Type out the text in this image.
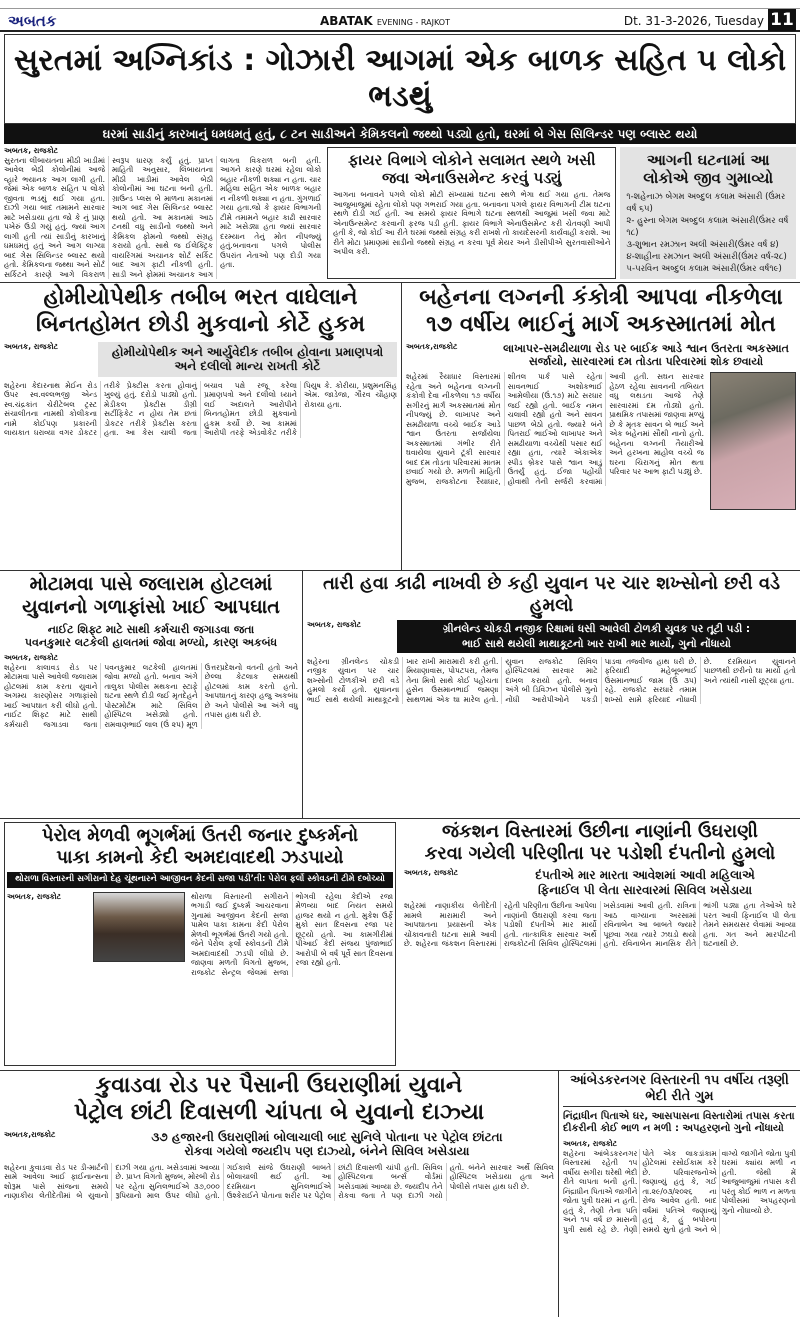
અબતક	ABATAK EVENING - RAJKOT	Dt. 31-3-2026, Tuesday 11
સુરતમાં અગ્નિકાંડ : ગોઝારી આગમાં એક બાળક સહિત ૫ લોકો ભડથું
ઘરમાં સાડીનું કારખાનું ધમધમતું હતું, ૮ ટન સાડીઅને કેમિકલનો જથ્થો પડ્યો હતો, ઘરમાં બે ગેસ સિલિન્ડર પણ બ્લાસ્ટ થયો
અબતક, રાજકોટ
સુરતના લીંબાયતના મીઠી ખાડીમાં આવેલ બેઠી કોલોનીમાં આજે વ્હારે ભયાનક આગ લાગી હતી. જેમાં એક બાળક સહિત ૫ લોકો જીવતા ભડથું થઈ ગયા હતા. દાઝી ગયા બાદ તમામને સારવાર માટે ખસેડાયા હતા જો કે નું પ્રાણ પખેરું ઉડી ગયું હતું. જ્યાં આગ લાગી હતી ત્યાં સાડીનું કારખાનું ધમધમતું હતું અને આગ લાગ્યા બાદ ગેસ સિલિન્ડર બ્લાસ્ટ થયો હતો. કેમિકલના જથ્થા અને સોર્ટ સર્કિટને કારણે આગે વિકરાળ સ્વરૂપ ધારણ કર્યું હતું. પ્રાપ્ત માહિતી અનુસાર, લિંબાયતના મીઠી ખાડીમાં આવેલ બેઠી કોલોનીમાં આ ઘટના બની હતી. ગ્રાઉન્ડ પ્લસ બે માળના મકાનમાં આગ બાદ ગેસ સિલિન્ડર બ્લાસ્ટ થયો હતો. આ મકાનમાં આઠ ટનથી વધુ સાડીનો જથ્થો અને કેમિકલ ફોમનો જથ્થો સંગ્રહ કરાયો હતો. સાથે જ ઈલેક્ટ્રિક વાયરિંગમાં અચાનક શોર્ટ સર્કિટ બાદ આગ ફાટી નીકળી હતી. સાડી અને ફોમમાં અચાનક આગ લાગતા વિકરાળ બની હતી. આગને કારણે ઘરમાં રહેલા લોકો બહાર નીકળી શક્યા ન હતા. ચાર મહિલા સહિત એક બાળક બહાર ન નીકળી શક્યા ન હતા. ગુંગળાઈ ગયા હતા.જો કે ફાયર વિભાગની ટીમે તમામને બહાર કાઢી સારવાર માટે ખસેડ્યા હતા જ્યાં સારવાર દરમ્યાન તેનું મોત નીપજ્યું હતું.બનાવના પગલે પોલીસ ઉપરાંત નેતાઓ પણ દોડી ગયા હતા.
ફાયર વિભાગે લોકોને સલામત સ્થળે ખસી જવા એનાઉસમેન્ટ કરવું પડ્યું
આગના બનાવને પગલે લોકો મોટી સંખ્યામાં ઘટના સ્થળે ભેગા થઈ ગયા હતા. તેમજ આજુબાજુમાં રહેતા લોકો પણ ગભરાઈ ગયા હતા. બનાવના પગલે ફાયર વિભાગની ટીમ ઘટના સ્થળે દોડી ગઈ હતી. આ સમયે ફાયર વિભાગે ઘટના સ્થળથી આજુમાં ખસી જવા માટે એનાઉન્સમેન્ટ કરવાની ફરજ પડી હતી. ફાયર વિભાગે એનાઉસમેન્ટ કરી ચેતવણી આપી હતી કે, જો કોઈ આ રીતે ઘરમાં જથ્થો સંગ્રહ કરી રાખશે તો કાયદેસરની કાર્યવાહી કરાશે. આ રીતે મોટા પ્રમાણમાં સાડીનો જથ્થો સંગ્રહ ન કરવા પૂર્વ મેયર અને ડીસીપીએ સુરતવાસીઓને અપીલ કરી.
આગની ઘટનામાં આ લોકોએ જીવ ગુમાવ્યો
૧-શહેનાઝ બેગમ અબ્દુલ કલામ અંસારી (ઉંમર વર્ષ ૬૫)
૨- હુસ્ના બેગમ અબ્દુલ કલામ અંસારી(ઉંમર વર્ષ ૧૮)
૩-શુભાન રમઝાન અલી અંસારી(ઉંમર વર્ષ ૪)
૪-શાહીના રમઝાન અલી અંસારી(ઉંમર વર્ષ-૨૮)
૫-પરવિન અબ્દુલ કલામ અંસારી(ઉંમર વર્ષ૧૯)
હોમીયોપેથીક તબીબ ભરત વાઘેલાને
બિનતહોમત છોડી મુકવાનો કોર્ટે હુકમ
અબતક, રાજકોટ	હોમીયોપેથીક અને આર્યુવેદીક તબીબ હોવાના પ્રમાણપત્રો અને દલીલો માન્ય રાખતી કોર્ટે
શહેરના કેદારનાથ મેઈન રોડ ઉપર સ્વ.વલ્લભજી એન્ડ સ્વ.ચંદ્રકાંત ચેરીટેબલ ટ્રસ્ટ સંચાલીતના નામથી કોલીકના નામે કોઈપણ પ્રકારની લાયકાત ધરાવ્યા વગર ડોકટર તરીકે પ્રેક્ટીસ કરતા હોવાનું ખુલ્યું હતું. દરોડો પાડ્યો હતો. મેડીકલ પ્રેક્ટીસ ડીગ્રી સર્ટીફિકેટ ન હોય તેમ છતાં ડોકટર તરીકે પ્રેક્ટીસ કરતા હતા. આ કેસ ચાલી જતા બચાવ પક્ષે રજૂ કરેલા પ્રમાણપત્રો અને દલીલો ધ્યાને લઈ અદાલતે આરોપીને બિનતહોમત છોડી મુકવાનો હુકમ કર્યો છે. આ કામમાં આરોપી તરફે એડવોકેટ તરીકે પિયુષ કે. કોરીયા, પ્રશુમનસિંહ એમ. જાડેજા, ગૌરવ ચૌહાણ રોકાયા હતા.
બહેનના લગ્નની કંકોત્રી આપવા નીકળેલા
૧૭ વર્ષીય ભાઈનું માર્ગ અકસ્માતમાં મોત
અબતક,રાજકોટ	લાખાપર-સમઢીયાળા રોડ પર બાઈક આડે શ્વાન ઉતરતા અકસ્માત સર્જાયો, સારવારમાં દમ તોડતા પરિવારમાં શોક છવાયો
શહેરમાં રૈયાધાર વિસ્તારમાં રહેતા અને બહેનના લગ્નની કંકોત્રી દેવા નીકળેલા ૧૭ વર્ષીય સગીરનું માર્ગ અકસ્માતમાં મોત નીપજ્યું છે. લાખાપર અને સમઢીયાળા વચ્ચે બાઈક આડે શ્વાન ઉતરતા સર્જાયેલા અકસ્માતમાં ગંભીર રીતે ઘવાયેલા યુવાને ટૂંકી સારવાર બાદ દમ તોડતા પરિવારમાં માતમ છવાઈ ગયો છે. મળતી માહિતી મુજબ, રાજકોટના રૈયાધાર, શીતલ પાર્ક પાસે રહેતા સાવનભાઈ અશોકભાઈ આમેલીયા (ઉં.૧૭) માટે સરધાર જઈ રહ્યો હતો. બાઈક નમન ચલાવી રહ્યો હતો અને સાવન પાછળ બેઠો હતો. જ્યારે બંને પિતરાઈ ભાઈઓ લાખાપર અને સમઢીયાળા વચ્ચેથી પસાર થઈ રહ્યા હતા, ત્યારે એકાએક સ્પીડ બ્રેકર પાસે શ્વાન આડું ઉતર્યું હતું. ઈજા પહોંચી હોવાથી તેની સર્જરી કરવામાં આવી હતી. સઘન સારવાર હેઠળ રહેલા સાવનની તબિયત વધુ લથડતા આજે તેણે સારવારમાં દમ તોડ્યો હતો. પ્રાથમિક તપાસમાં જાણવા મળ્યું છે કે મૃતક સાવન બે ભાઈ અને એક બહેનમાં સૌથી નાનો હતો. બહેનના લગ્નની તૈયારીઓ અને હરખના માહોલ વચ્ચે જ ઘરના ચિરાગનું મોત થતા પરિવાર પર આભ ફાટી પડ્યું છે.
મોટામવા પાસે જલારામ હોટલમાં
યુવાનનો ગળાફાંસો ખાઈ આપઘાત
નાઈટ શિફ્ટ માટે સાથી કર્મચારી જગાડવા જતા
પવનકુમાર લટકેલી હાલતમાં જોવા મળ્યો, કારણ અકબંધ
અબતક, રાજકોટ
શહેરના કાલાવડ રોડ પર મોટામવા પાસે આવેલી જલારામ હોટલમાં કામ કરતા યુવાને અગમ્ય કારણોસર ગળાફાંસો ખાઈ આપઘાત કરી લીધો હતો. નાઈટ શિફ્ટ માટે સાથી કર્મચારી જગાડવા જતા પવનકુમાર લટકેલી હાલતમાં જોવા મળ્યો હતો. બનાવ અંગે તાલુકા પોલીસ મથકના સ્ટાફે ઘટના સ્થળે દોડી જઈ મૃતદેહને પોસ્ટમોર્ટમ માટે સિવિલ હોસ્પિટલ ખસેડ્યો હતો. રામવાણભાઈ લાલ (ઉં ૨૫) મૂળ ઉત્તરપ્રદેશનો વતની હતો અને છેલ્લા કેટલાક સમયથી હોટલમાં કામ કરતો હતો. આપઘાતનું કારણ હજુ અકબંધ છે અને પોલીસે આ અંગે વધુ તપાસ હાથ ધરી છે.
તારી હવા કાઢી નાખવી છે કહી યુવાન પર ચાર શખ્સોનો છરી વડે હુમલો
અબતક, રાજકોટ	ગ્રીનલેન્ડ ચોકડી નજીક રિક્ષામાં ધસી આવેલી ટોળકી યુવક પર તૂટી પડી :
ભાઈ સાથે થયેલી માથાકૂટનો ખાર રાખી માર માર્યો, ગુનો નોંધાયો
શહેરના ગ્રીનલેન્ડ ચોકડી નજીક યુવાન પર ચાર શખ્સોની ટોળકીએ છરી વડે હુમલો કર્યો હતો. યુવાનના ભાઈ સાથે થયેલી માથાકૂટનો ખાર રાખી મારામારી કરી હતી. મિયાણાવાસ, પોપટપરા, તેમજ તેના મિત્રો સાથે કોઈ પહોંચતા હુસેન ઉસમાનભાઈ જમણા સાથળમાં એક ઘા મારેલ હતો. યુવાન રાજકોટ સિવિલ હોસ્પિટલમાં સારવાર માટે દાખલ કરાયો હતો. બનાવ અંગે બી ડિવિઝન પોલીસે ગુનો નોંધી આરોપીઓને પકડી પાડવા તજવીજ હાથ ધરી છે. ફરિયાદી મહેબૂબભાઈ ઉસમાનભાઈ જામ (ઉં ૩૫) રહે. રાજકોટ સરધારે તમામ શખ્સો સામે ફરિયાદ નોંધાવી છે. દરમિયાન યુવાનને પાછળથી છરીનો ઘા માર્યો હતો અને ત્યાંથી નાસી છૂટ્યા હતા.
પેરોલ મેળવી ભૂગર્ભમાં ઉતરી જનાર દુષ્કર્મનો
પાકા કામનો કેદી અમદાવાદથી ઝડપાયો
થોરાળા વિસ્તારની સગીરાનો દેહ ચૂંથનારને આજીવન કેદની સજા પડી’તી: પેરોલ ફર્લો સ્કોવડની ટીમે દબોચ્યો
અબતક, રાજકોટ	થોરાળા વિસ્તારની સગીરાને ભગાડી જઈ દુષ્કર્મ આચરવાના ગુનામાં આજીવન કેદની સજા પામેલ પાકા કામના કેદી પેરોલ મેળવી ભૂગર્ભમાં ઉતરી ગયો હતો. જેને પેરોલ ફર્લો સ્કોવડની ટીમે અમદાવાદથી ઝડપી લીધો છે. જાણવા મળતી વિગતો મુજબ, રાજકોટ સેન્ટ્રલ જેલમાં સજા ભોગવી રહેલા કેદીએ રજા મેળવ્યા બાદ નિયત સમયે હાજર થયો ન હતો. મુકેશ ઉર્ફે મુકો સાત દિવસના રજા પર છૂટ્યો હતો. આ કામગીરીમાં પીઆઈ કેદી સંજય પુંજાભાઈ આરોપી બે વર્ષ પૂર્વે સાત દિવસના રજા રહ્યો હતો.
જંકશન વિસ્તારમાં ઉછીના નાણાંની ઉઘરાણી
કરવા ગયેલી પરિણીતા પર પડોશી દંપતીનો હુમલો
અબતક, રાજકોટ	દંપતીએ માર મારતા આવેશમાં આવી મહિલાએ
ફિનાઈલ પી લેતા સારવારમાં સિવિલ ખસેડાયા
શહેરમાં નાણાકીય લેતીદેતી મામલે મારામારી અને આપઘાતના પ્રયાસની એક ચોંકાવનારી ઘટના સામે આવી છે. શહેરના જંકશન વિસ્તારમાં રહેતી પરિણીતા ઉછીના આપેલા નાણાંની ઉઘરાણી કરવા જતા પડોશી દંપતીએ માર માર્યો હતો. તાત્કાલિક સારવાર અર્થે રાજકોટની સિવિલ હોસ્પિટલમાં ખસેડવામાં આવી હતી. રાત્રિના આઠ વાગ્યાના અરસામાં રવિનાબેન આ બાબતે જ્યારે પૂછવા ગયા ત્યારે ઝઘડો થયો હતો. રવિનાબેન માનસિક રીતે ભાંગી પડ્યા હતા તેઓએ ઘરે પરત આવી ફિનાઈલ પી લેતા તેમને સમયસર લેવામાં આવ્યા હતા. ગત અને મારપીટની ઘટનાથી છે.
કુવાડવા રોડ પર પૈસાની ઉઘરાણીમાં યુવાને
પેટ્રોલ છાંટી દિવાસળી ચાંપતા બે યુવાનો દાઝ્યા
અબતક,રાજકોટ	૩૭ હજારની ઉઘરાણીમાં બોલાચાલી બાદ સુનિલે પોતાના પર પેટ્રોલ છાંટતા
રોકવા ગયેલો જયદીપ પણ દાઝ્યો, બંનેને સિવિલ ખસેડાયા
શહેરના કુવાડવા રોડ પર ડી-માર્ટની સામે આવેલા આઈ ફાઈનાન્સના શોરૂમ પાસે સાંજના સમયે નાણાકીય લેતીદેતીમાં બે યુવાનો દાઝી ગયા હતા. ખસેડવામાં આવ્યા છે. પ્રાપ્ત વિગતો મુજબ, મોરબી રોડ પર રહેતા સુનિલભાઈએ ૩૭,૦૦૦ રૂપિયાનો માલ ઉપર લીધો હતો. ગઈકાલે સાંજે ઉઘરાણી બાબતે બોલાચાલી થઈ હતી. આ દરમિયાન સુનિલભાઈએ ઉશ્કેરાઈને પોતાના શરીર પર પેટ્રોલ છાંટી દિવાસળી ચાંપી હતી. સિવિલ હોસ્પિટલના બર્ન્સ વોર્ડમાં ખસેડવામાં આવ્યા છે. જયદીપ તેને રોકવા જતા તે પણ દાઝી ગયો હતો. બંનેને સારવાર અર્થે સિવિલ હોસ્પિટલ ખસેડાયા હતા અને પોલીસે તપાસ હાથ ધરી છે.
આંબેડકરનગર વિસ્તારની ૧૫ વર્ષીય તરૂણી ભેદી રીતે ગુમ
નિંદ્રાધીન પિતાએ ઘર, આસપાસના વિસ્તારોમાં તપાસ કરતા
દીકરીની કોઈ ભાળ ન મળી : અપહરણનો ગુનો નોંધાયો
અબતક, રાજકોટ
શહેરના આંબેડકરનગર વિસ્તારમાં રહેતી ૧૫ વર્ષીય સગીરા ઘરેથી ભેદી રીતે લાપતા બની હતી. નિંદ્રાધીન પિતાએ જાગીને જોતા પુત્રી ઘરમાં ન હતી. હતું કે, તેણી તેના પતિ અને ૧૫ વર્ષ છ માસની પુત્રી સાથે રહે છે. તેણી પોતે એક લાકડાંકામ હોટેલમાં રસોઈકામ કરે છે. પરિવારજનોએ જણાવ્યું હતું કે, ગઈ તા.૨૯/૦૩/૨૦૨૬ ના રોજ આવેલ હતી. બાદ વર્ષમાં પતિએ જણાવ્યું હતું કે, હું બપોરના સમયે સુતો હતો અને બે વાગ્યે જાગીને જોતા પુત્રી ઘરમાં ક્યાંય મળી ન હતી. જેથી મેં આજુબાજુમાં તપાસ કરી પરંતુ કોઈ ભાળ ન મળતા પોલીસમાં અપહરણનો ગુનો નોંધાવ્યો છે.
